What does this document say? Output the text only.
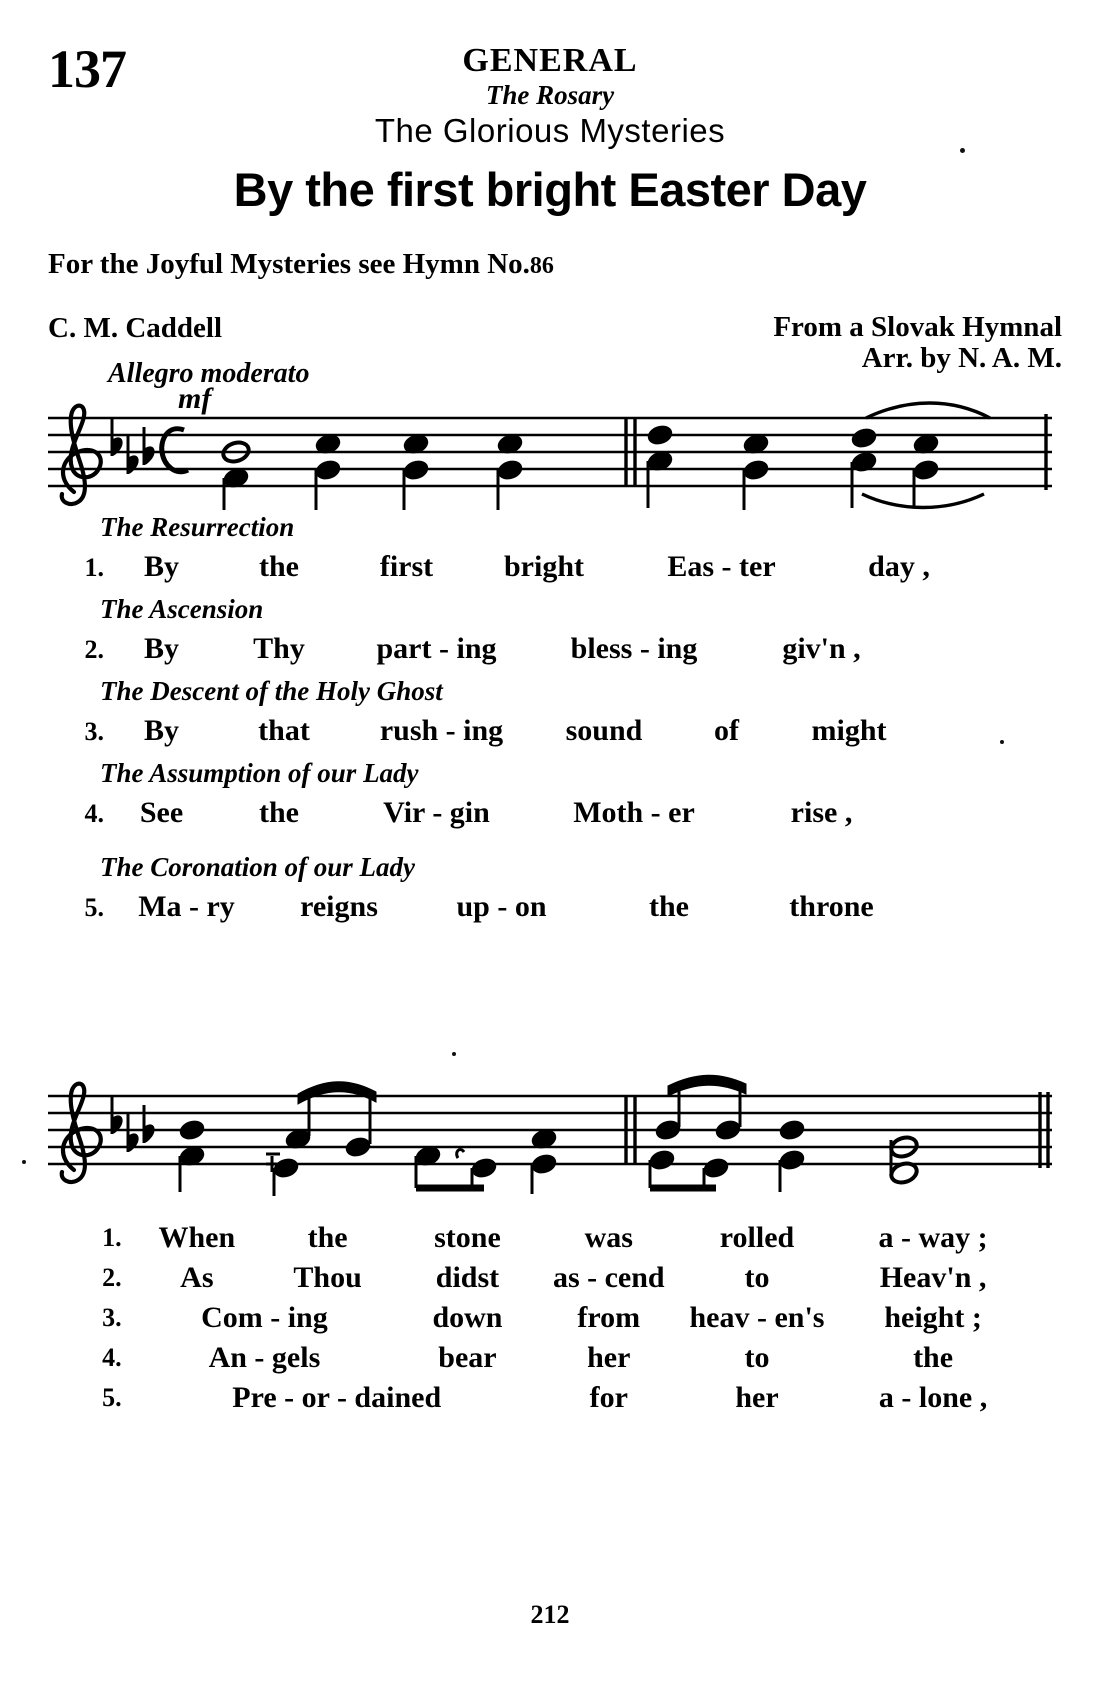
137	GENERAL
The Rosary
The Glorious Mysteries
By the first bright Easter Day
For the Joyful Mysteries see Hymn No.86
C. M. Caddell	From a Slovak Hymnal
Arr. by N. A. M.
Allegro moderato
mf
The Resurrection
1. By	the	first bright	Eas - ter	day ,
The Ascension
2. By Thy part - ing bless - ing	giv'n ,
The Descent of the Holy Ghost
3. By	that rush - ing sound of might
The Assumption of our Lady
4. See	the	Vir - gin	Moth - er	rise ,
The Coronation of our Lady
5. Ma - ry reigns	up - on	the	throne
1.	When	the	stone	was	rolled	a - way ;
2.	As	Thou	didst	as - cend	to	Heav'n ,
3.	Com - ing		down	from	heav - en's	height ;
4.	An - gels		bear	her	to	the
5.	Pre - or - dained			for	her	a - lone ,
212
